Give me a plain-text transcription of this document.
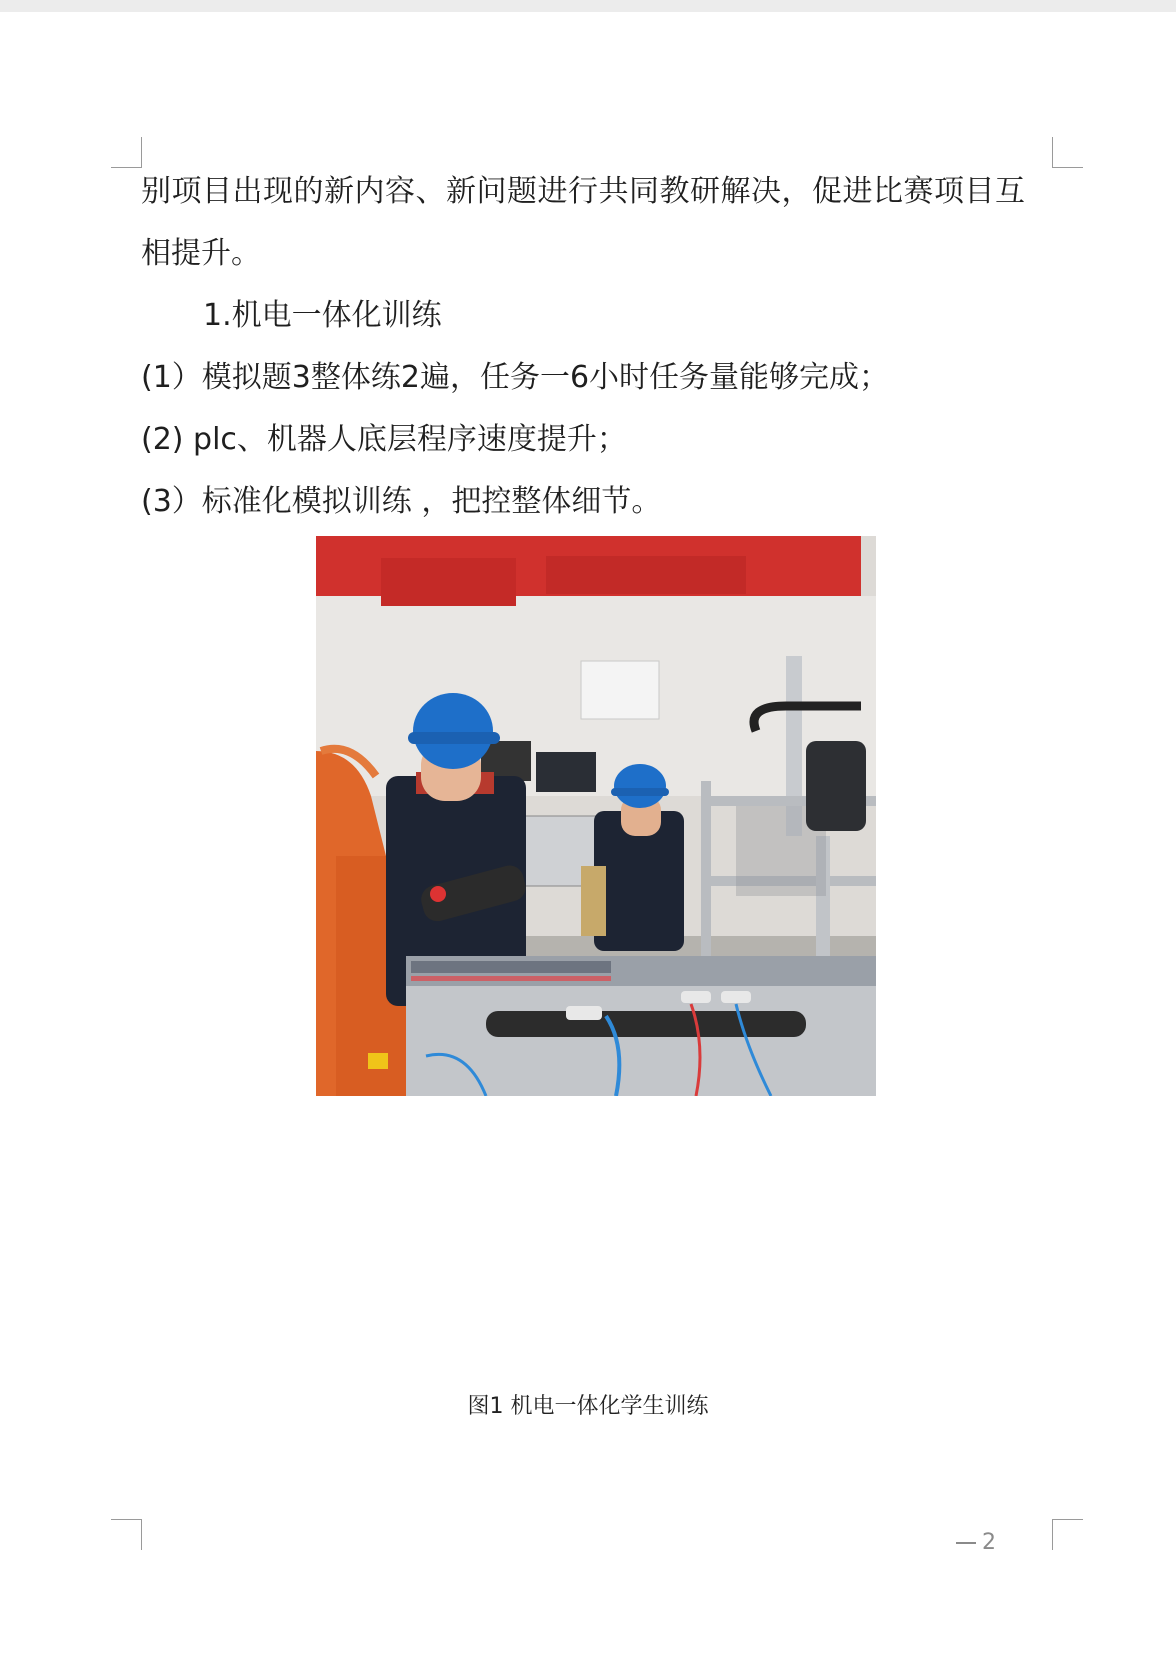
别项目出现的新内容、新问题进行共同教研解决，促进比赛项目互
相提升。
1.机电一体化训练
(1）模拟题3整体练2遍，任务一6小时任务量能够完成；
(2) plc、机器人底层程序速度提升；
(3）标准化模拟训练 ，把控整体细节。
图1 机电一体化学生训练
2
